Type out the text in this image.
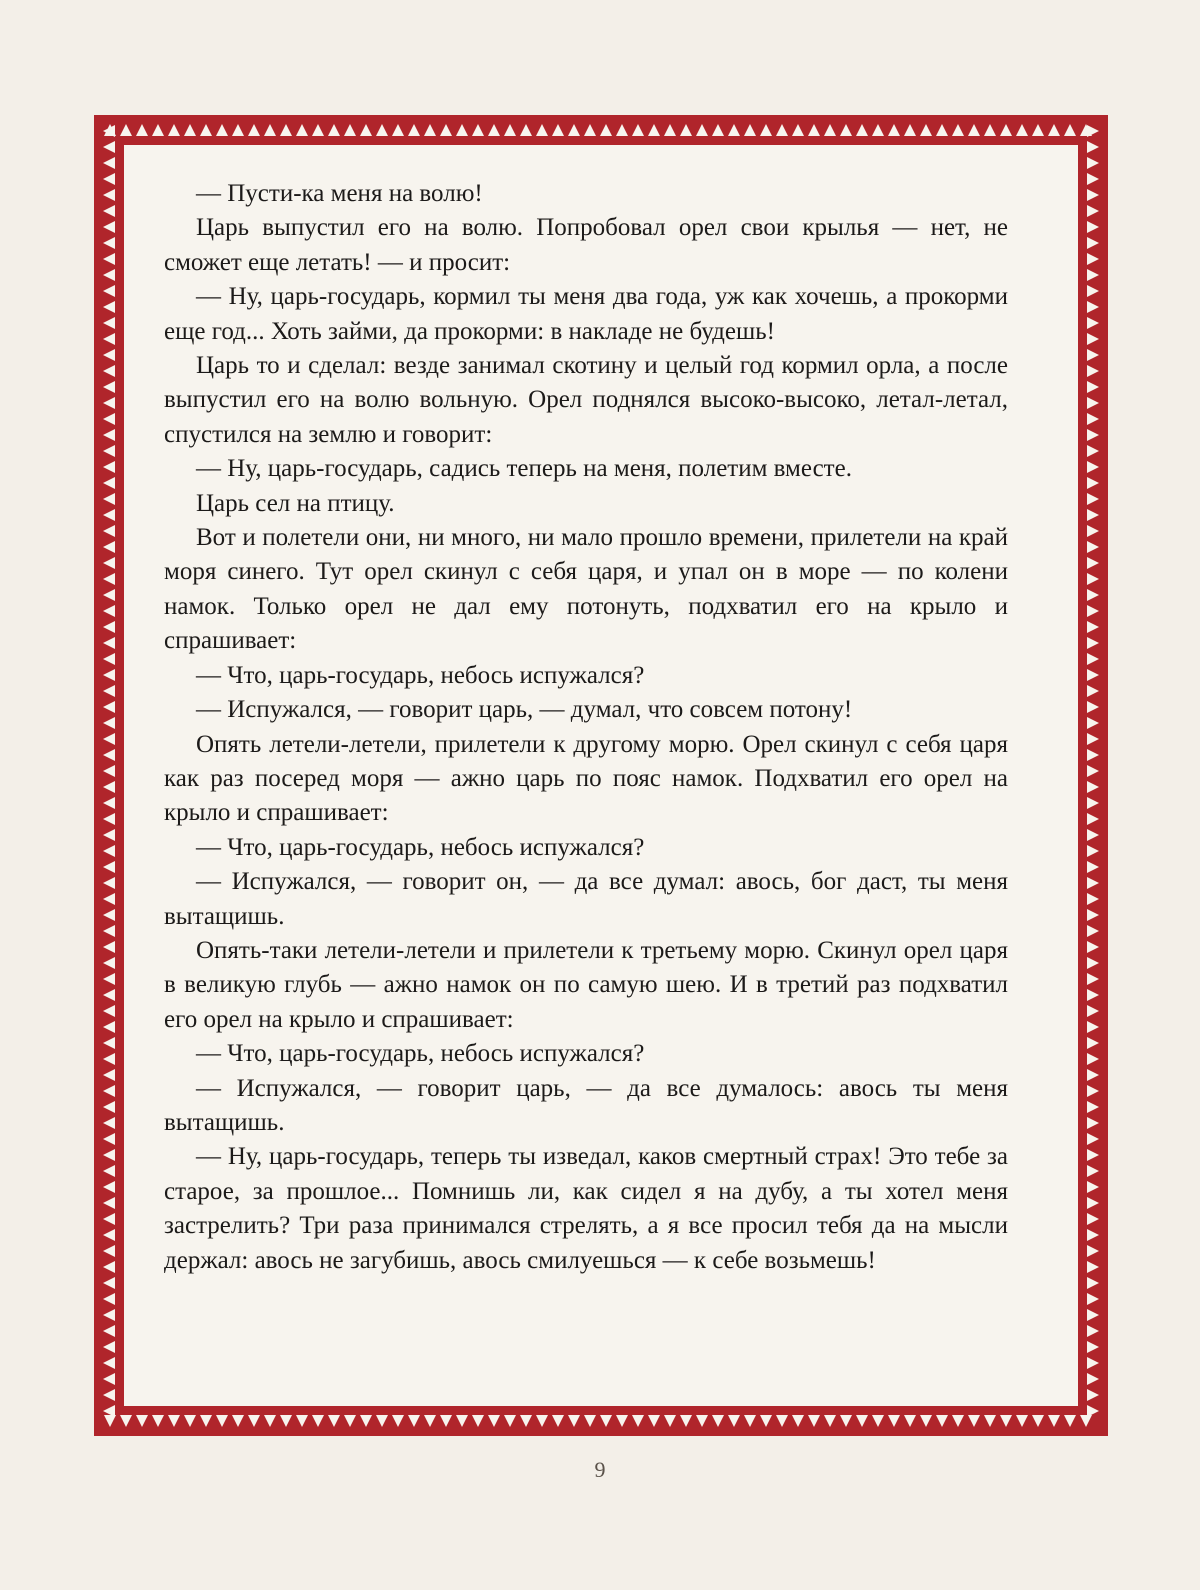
— Пусти-ка меня на волю!

Царь выпустил его на волю. Попробовал орел свои крылья — нет, не сможет еще летать! — и просит:

— Ну, царь-государь, кормил ты меня два года, уж как хочешь, а прокорми еще год... Хоть займи, да прокорми: в накладе не будешь!

Царь то и сделал: везде занимал скотину и целый год кормил орла, а после выпустил его на волю вольную. Орел поднялся высоко-высоко, летал-летал, спустился на землю и говорит:

— Ну, царь-государь, садись теперь на меня, полетим вместе.

Царь сел на птицу.

Вот и полетели они, ни много, ни мало прошло времени, прилетели на край моря синего. Тут орел скинул с себя царя, и упал он в море — по колени намок. Только орел не дал ему потонуть, подхватил его на крыло и спрашивает:

— Что, царь-государь, небось испужался?

— Испужался, — говорит царь, — думал, что совсем потону!

Опять летели-летели, прилетели к другому морю. Орел скинул с себя царя как раз посеред моря — ажно царь по пояс намок. Подхватил его орел на крыло и спрашивает:

— Что, царь-государь, небось испужался?

— Испужался, — говорит он, — да все думал: авось, бог даст, ты меня вытащишь.

Опять-таки летели-летели и прилетели к третьему морю. Скинул орел царя в великую глубь — ажно намок он по самую шею. И в третий раз подхватил его орел на крыло и спрашивает:

— Что, царь-государь, небось испужался?

— Испужался, — говорит царь, — да все думалось: авось ты меня вытащишь.

— Ну, царь-государь, теперь ты изведал, каков смертный страх! Это тебе за старое, за прошлое... Помнишь ли, как сидел я на дубу, а ты хотел меня застрелить? Три раза принимался стрелять, а я все просил тебя да на мысли держал: авось не загубишь, авось смилуешься — к себе возьмешь!

9
